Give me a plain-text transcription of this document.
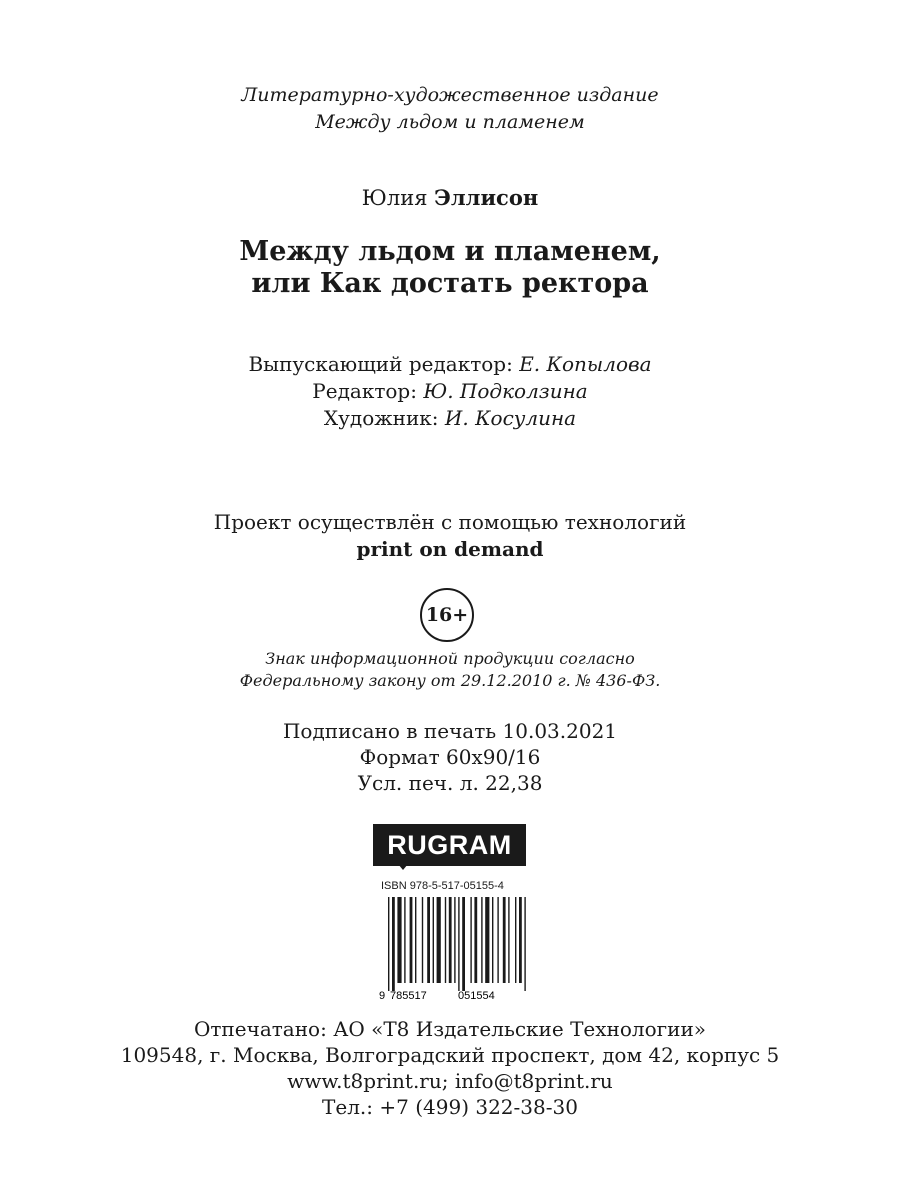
Литературно-художественное издание
Между льдом и пламенем
Юлия Эллисон
Между льдом и пламенем,
или Как достать ректора
Выпускающий редактор: Е. Копылова
Редактор: Ю. Подколзина
Художник: И. Косулина
Проект осуществлён с помощью технологий
print on demand
16+
Знак информационной продукции согласно
Федеральному закону от 29.12.2010 г. № 436-ФЗ.
Подписано в печать 10.03.2021
Формат 60х90/16
Усл. печ. л. 22,38
RUGRAM
ISBN 978-5-517-05155-4
9 785517	051554
Отпечатано: АО «Т8 Издательские Технологии»
109548, г. Москва, Волгоградский проспект, дом 42, корпус 5
www.t8print.ru; info@t8print.ru
Тел.: +7 (499) 322-38-30
